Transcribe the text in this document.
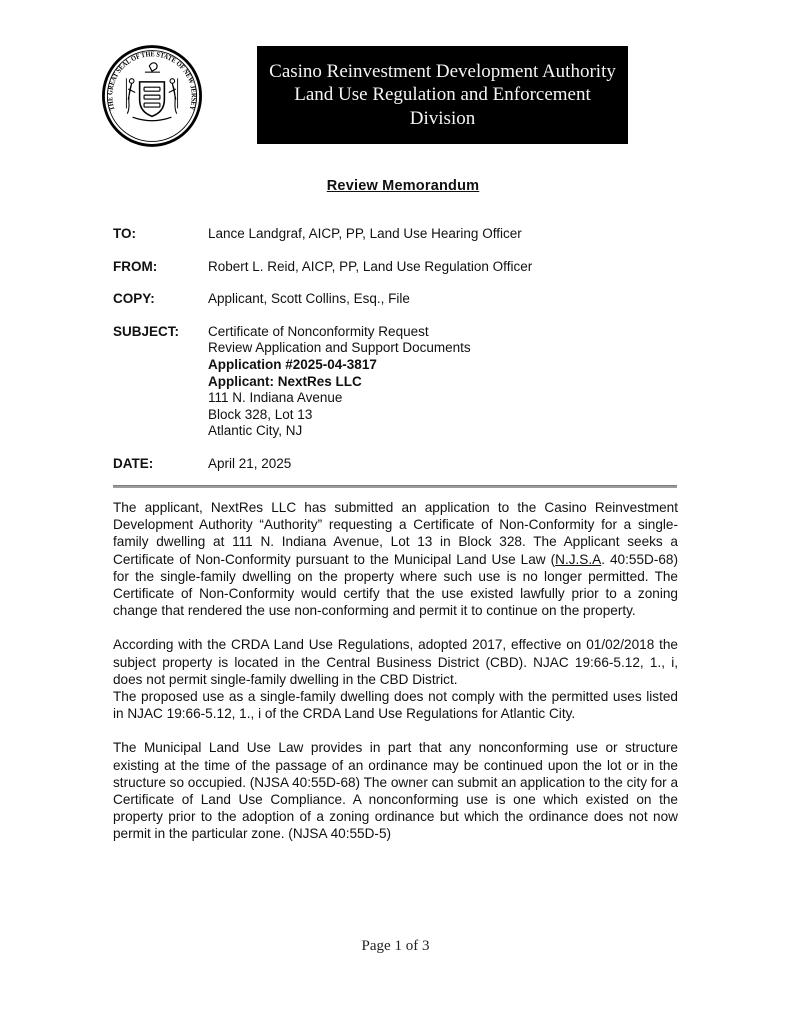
THE GREAT SEAL OF THE STATE OF NEW JERSEY
Casino Reinvestment Development Authority
Land Use Regulation and Enforcement
Division
Review Memorandum
TO:	Lance Landgraf, AICP, PP, Land Use Hearing Officer
FROM:	Robert L. Reid, AICP, PP, Land Use Regulation Officer
COPY:	Applicant, Scott Collins, Esq., File
SUBJECT:	Certificate of Nonconformity Request
Review Application and Support Documents
Application #2025-04-3817
Applicant: NextRes LLC
111 N. Indiana Avenue
Block 328, Lot 13
Atlantic City, NJ
DATE:	April 21, 2025

The applicant, NextRes LLC has submitted an application to the Casino Reinvestment Development Authority “Authority” requesting a Certificate of Non-Conformity for a single-family dwelling at 111 N. Indiana Avenue, Lot 13 in Block 328. The Applicant seeks a Certificate of Non-Conformity pursuant to the Municipal Land Use Law (N.J.S.A. 40:55D-68) for the single-family dwelling on the property where such use is no longer permitted. The Certificate of Non-Conformity would certify that the use existed lawfully prior to a zoning change that rendered the use non-conforming and permit it to continue on the property.

According with the CRDA Land Use Regulations, adopted 2017, effective on 01/02/2018 the subject property is located in the Central Business District (CBD). NJAC 19:66-5.12, 1., i, does not permit single-family dwelling in the CBD District.
The proposed use as a single-family dwelling does not comply with the permitted uses listed in NJAC 19:66-5.12, 1., i of the CRDA Land Use Regulations for Atlantic City.

The Municipal Land Use Law provides in part that any nonconforming use or structure existing at the time of the passage of an ordinance may be continued upon the lot or in the structure so occupied. (NJSA 40:55D-68) The owner can submit an application to the city for a Certificate of Land Use Compliance. A nonconforming use is one which existed on the property prior to the adoption of a zoning ordinance but which the ordinance does not now permit in the particular zone. (NJSA 40:55D-5)

Page 1 of 3
